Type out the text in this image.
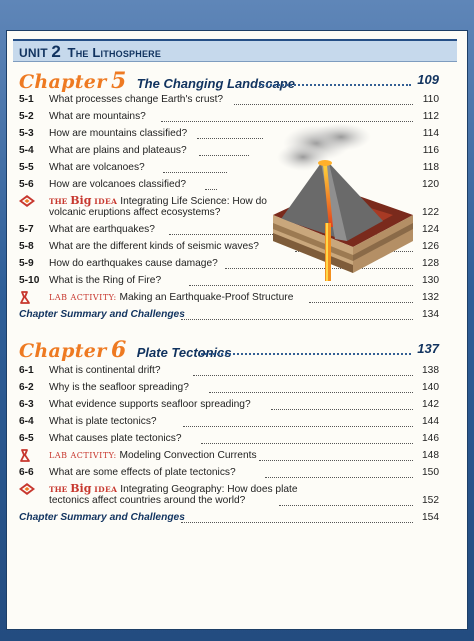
UNIT 2 The Lithosphere
Chapter 5 The Changing Landscape	109
5-1 What processes change Earth's crust?	110
5-2 What are mountains?	112
5-3 How are mountains classified?	114
5-4 What are plains and plateaus?	116
5-5 What are volcanoes?	118
5-6 How are volcanoes classified?	120
THE Big IDEA Integrating Life Science: How do
volcanic eruptions affect ecosystems?	122
5-7 What are earthquakes?	124
5-8 What are the different kinds of seismic waves?	126
5-9 How do earthquakes cause damage?	128
5-10 What is the Ring of Fire?	130
LAB ACTIVITY: Making an Earthquake-Proof Structure	132
Chapter Summary and Challenges	134
Chapter 6 Plate Tectonics	137
6-1 What is continental drift?	138
6-2 Why is the seafloor spreading?	140
6-3 What evidence supports seafloor spreading?	142
6-4 What is plate tectonics?	144
6-5 What causes plate tectonics?	146
LAB ACTIVITY: Modeling Convection Currents	148
6-6 What are some effects of plate tectonics?	150
THE Big IDEA Integrating Geography: How does plate
tectonics affect countries around the world?	152
Chapter Summary and Challenges	154
